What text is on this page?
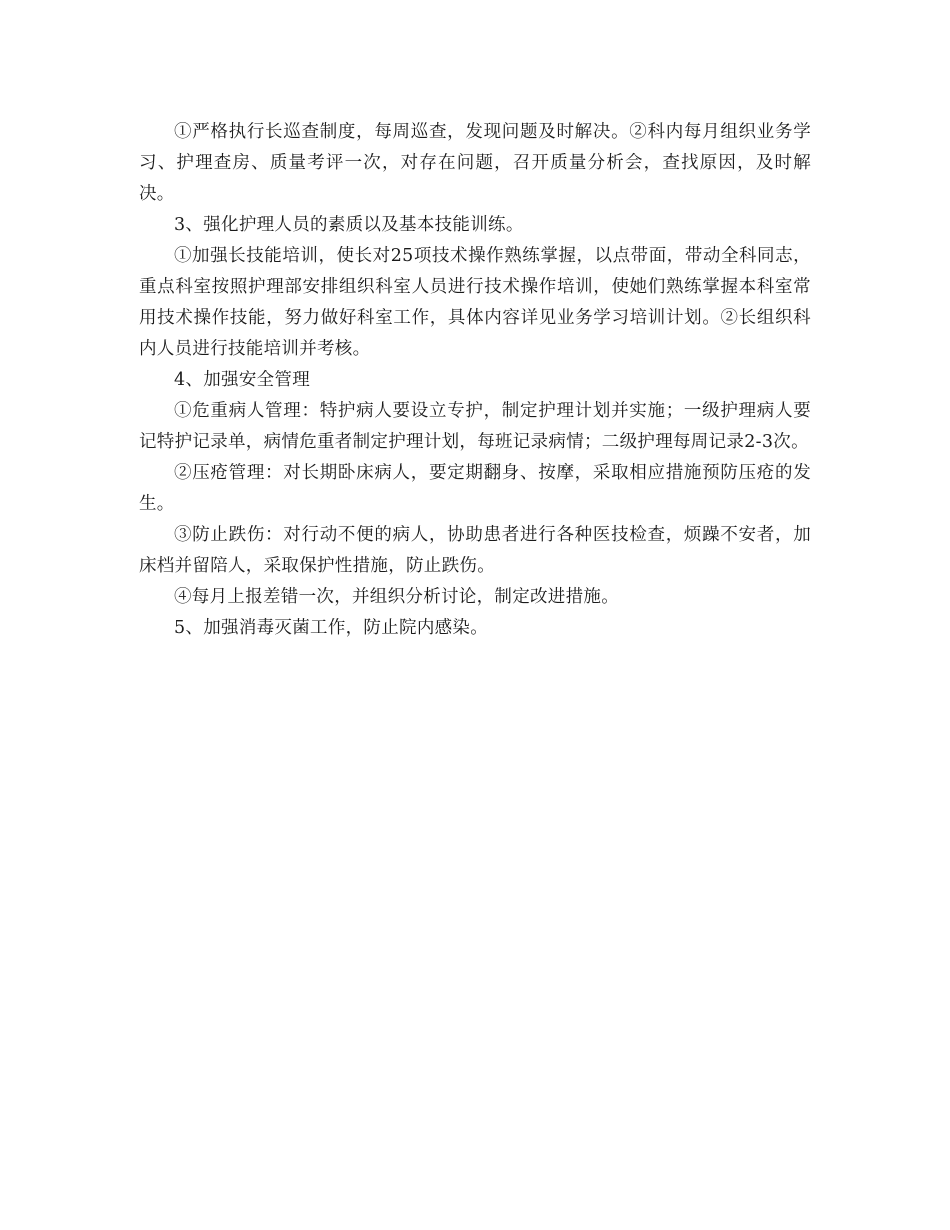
①严格执行长巡查制度，每周巡查，发现问题及时解决。②科内每月组织业务学习、护理查房、质量考评一次，对存在问题，召开质量分析会，查找原因，及时解决。

3、强化护理人员的素质以及基本技能训练。

①加强长技能培训，使长对25项技术操作熟练掌握，以点带面，带动全科同志，重点科室按照护理部安排组织科室人员进行技术操作培训，使她们熟练掌握本科室常用技术操作技能，努力做好科室工作，具体内容详见业务学习培训计划。②长组织科内人员进行技能培训并考核。

4、加强安全管理

①危重病人管理：特护病人要设立专护，制定护理计划并实施；一级护理病人要记特护记录单，病情危重者制定护理计划，每班记录病情；二级护理每周记录2-3次。

②压疮管理：对长期卧床病人，要定期翻身、按摩，采取相应措施预防压疮的发生。

③防止跌伤：对行动不便的病人，协助患者进行各种医技检查，烦躁不安者，加床档并留陪人，采取保护性措施，防止跌伤。

④每月上报差错一次，并组织分析讨论，制定改进措施。

5、加强消毒灭菌工作，防止院内感染。
